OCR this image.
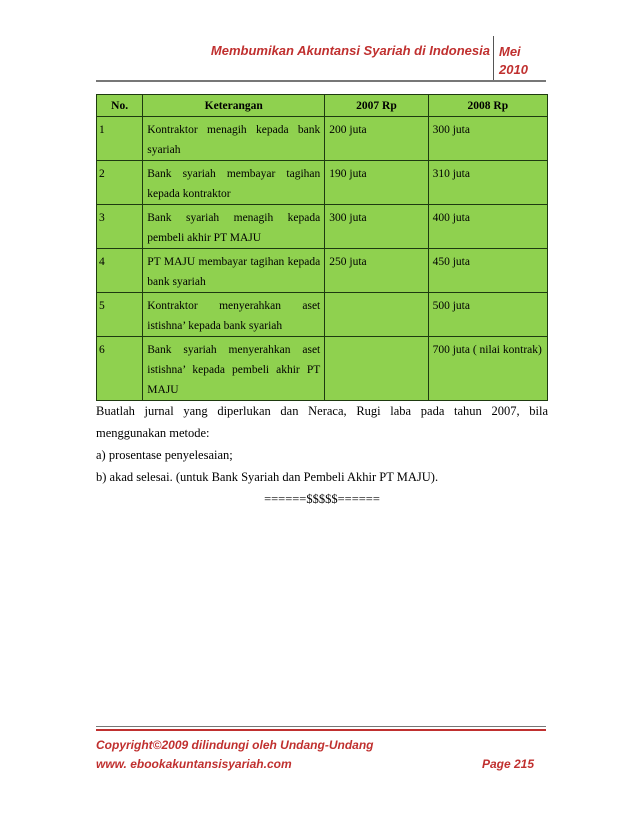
Membumikan Akuntansi Syariah di Indonesia Mei 2010
No.	Keterangan	2007 Rp	2008 Rp
1	Kontraktor menagih kepada bank syariah	200 juta	300 juta
2	Bank syariah membayar tagihan kepada kontraktor	190 juta	310 juta
3	Bank syariah menagih kepada pembeli akhir PT MAJU	300 juta	400 juta
4	PT MAJU membayar tagihan kepada bank syariah	250 juta	450 juta
5	Kontraktor menyerahkan aset istishna’ kepada bank syariah		500 juta
6	Bank syariah menyerahkan aset istishna’ kepada pembeli akhir PT MAJU		700 juta ( nilai kontrak)

Buatlah jurnal yang diperlukan dan Neraca, Rugi laba pada tahun 2007, bila menggunakan metode:

a) prosentase penyelesaian;

b) akad selesai. (untuk Bank Syariah dan Pembeli Akhir PT MAJU).

======$$$$$======

Copyright©2009 dilindungi oleh Undang-Undang
www. ebookakuntansisyariah.com	Page 215
